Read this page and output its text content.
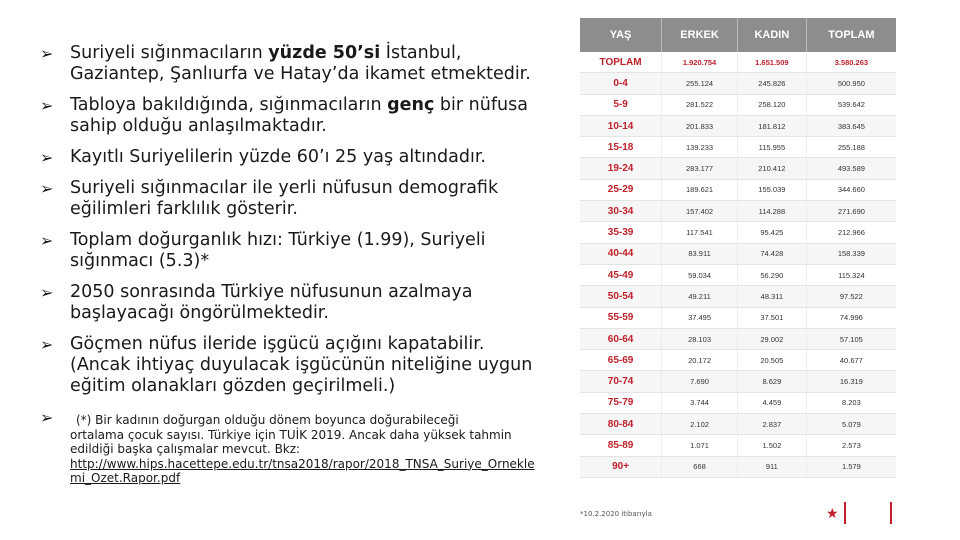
➢ Suriyeli sığınmacıların yüzde 50’si İstanbul, Gaziantep, Şanlıurfa ve Hatay’da ikamet etmektedir.
➢ Tabloya bakıldığında, sığınmacıların genç bir nüfusa sahip olduğu anlaşılmaktadır.
➢ Kayıtlı Suriyelilerin yüzde 60’ı 25 yaş altındadır.
➢ Suriyeli sığınmacılar ile yerli nüfusun demografik eğilimleri farklılık gösterir.
➢ Toplam doğurganlık hızı: Türkiye (1.99), Suriyeli sığınmacı (5.3)*
➢ 2050 sonrasında Türkiye nüfusunun azalmaya başlayacağı öngörülmektedir.
➢ Göçmen nüfus ileride işgücü açığını kapatabilir. (Ancak ihtiyaç duyulacak işgücünün niteliğine uygun eğitim olanakları gözden geçirilmeli.)
➢	(*) Bir kadının doğurgan olduğu dönem boyunca doğurabileceği
ortalama çocuk sayısı. Türkiye için TUİK 2019. Ancak daha yüksek tahmin edildiği başka çalışmalar mevcut. Bkz:
http://www.hips.hacettepe.edu.tr/tnsa2018/rapor/2018_TNSA_Suriye_Orneklemi_Ozet.Rapor.pdf
YAŞ	ERKEK	KADIN	TOPLAM
TOPLAM	1.920.754	1.651.509	3.580.263
0-4	255.124	245.826	500.950
5-9	281.522	258.120	539.642
10-14	201.833	181.812	383.645
15-18	139.233	115.955	255.188
19-24	283.177	210.412	493.589
25-29	189.621	155.039	344.660
30-34	157.402	114.288	271.690
35-39	117.541	95.425	212.966
40-44	83.911	74.428	158.339
45-49	59.034	56.290	115.324
50-54	49.211	48.311	97.522
55-59	37.495	37.501	74.996
60-64	28.103	29.002	57.105
65-69	20.172	20.505	40.677
70-74	7.690	8.629	16.319
75-79	3.744	4.459	8.203
80-84	2.102	2.837	5.079
85-89	1.071	1.502	2.573
90+	668	911	1.579
*10.2.2020 itibarıyla	★
